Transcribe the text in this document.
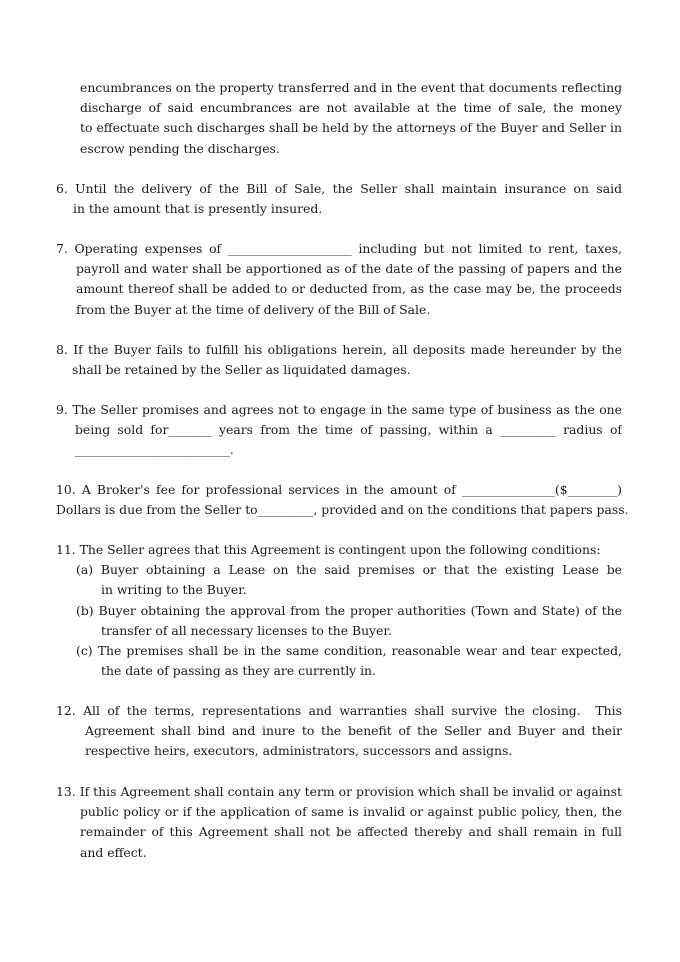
encumbrances on the property transferred and in the event that documents reflecting
discharge of said encumbrances are not available at the time of sale, the money
to effectuate such discharges shall be held by the attorneys of the Buyer and Seller in
escrow pending the discharges.
6. Until the delivery of the Bill of Sale, the Seller shall maintain insurance on said
in the amount that is presently insured.
7. Operating expenses of ____________________ including but not limited to rent, taxes,
payroll and water shall be apportioned as of the date of the passing of papers and the
amount thereof shall be added to or deducted from, as the case may be, the proceeds
from the Buyer at the time of delivery of the Bill of Sale.
8. If the Buyer fails to fulfill his obligations herein, all deposits made hereunder by the
shall be retained by the Seller as liquidated damages.
9. The Seller promises and agrees not to engage in the same type of business as the one
being sold for_______ years from the time of passing, within a _________ radius of
_________________________.
10. A Broker's fee for professional services in the amount of _______________($________)
Dollars is due from the Seller to_________, provided and on the conditions that papers pass.
11. The Seller agrees that this Agreement is contingent upon the following conditions:
(a) Buyer obtaining a Lease on the said premises or that the existing Lease be
in writing to the Buyer.
(b) Buyer obtaining the approval from the proper authorities (Town and State) of the
transfer of all necessary licenses to the Buyer.
(c) The premises shall be in the same condition, reasonable wear and tear expected,
the date of passing as they are currently in.
12. All of the terms, representations and warranties shall survive the closing.  This
Agreement shall bind and inure to the benefit of the Seller and Buyer and their
respective heirs, executors, administrators, successors and assigns.
13. If this Agreement shall contain any term or provision which shall be invalid or against
public policy or if the application of same is invalid or against public policy, then, the
remainder of this Agreement shall not be affected thereby and shall remain in full
and effect.
